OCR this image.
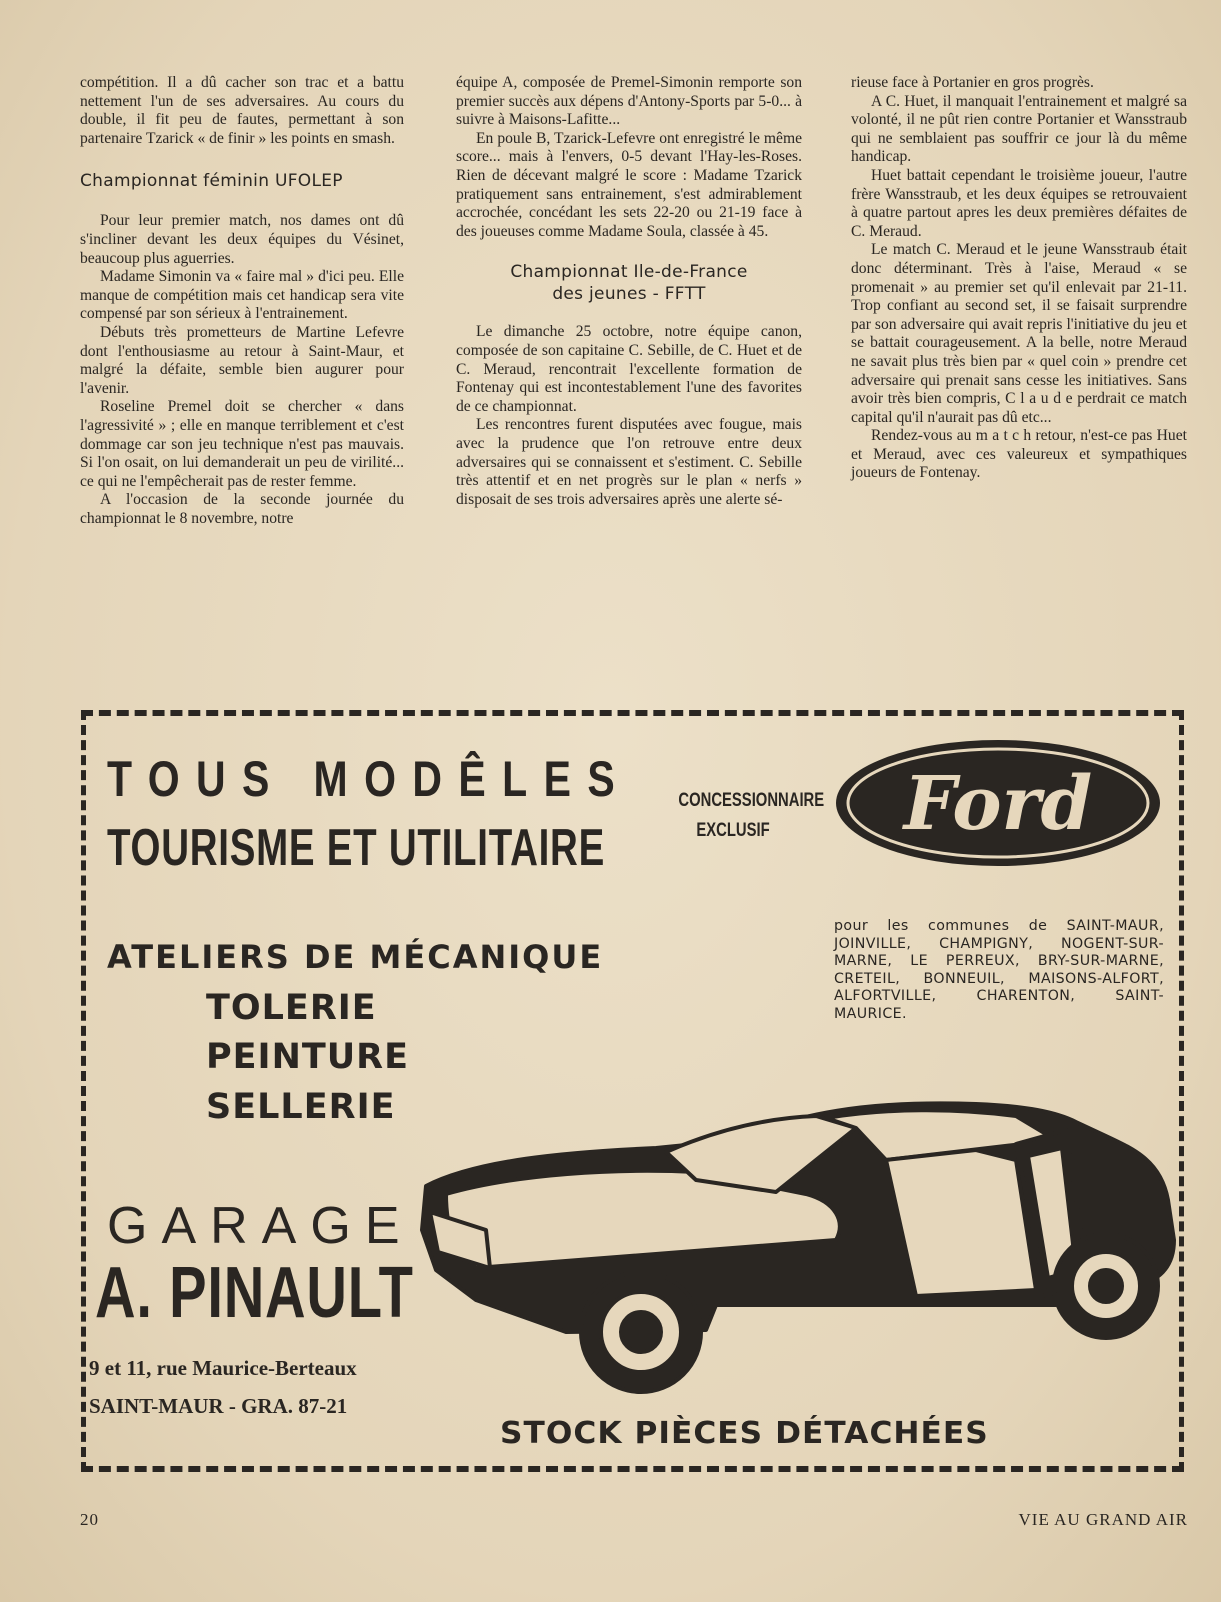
compétition. Il a dû cacher son trac et a battu nettement l'un de ses adversaires. Au cours du double, il fit peu de fautes, permettant à son partenaire Tzarick « de finir » les points en smash.

Championnat féminin UFOLEP

Pour leur premier match, nos dames ont dû s'incliner devant les deux équipes du Vésinet, beaucoup plus aguerries.

Madame Simonin va « faire mal » d'ici peu. Elle manque de compétition mais cet handicap sera vite compensé par son sérieux à l'entrainement.

Débuts très prometteurs de Martine Lefevre dont l'enthousiasme au retour à Saint-Maur, et malgré la défaite, semble bien augurer pour l'avenir.

Roseline Premel doit se chercher « dans l'agressivité » ; elle en manque terriblement et c'est dommage car son jeu technique n'est pas mauvais. Si l'on osait, on lui demanderait un peu de virilité... ce qui ne l'empêcherait pas de rester femme.

A l'occasion de la seconde journée du championnat le 8 novembre, notre

équipe A, composée de Premel-Simonin remporte son premier succès aux dépens d'Antony-Sports par 5-0... à suivre à Maisons-Lafitte...

En poule B, Tzarick-Lefevre ont enregistré le même score... mais à l'envers, 0-5 devant l'Hay-les-Roses. Rien de décevant malgré le score : Madame Tzarick pratiquement sans entrainement, s'est admirablement accrochée, concédant les sets 22-20 ou 21-19 face à des joueuses comme Madame Soula, classée à 45.

Championnat Ile-de-France
des jeunes - FFTT

Le dimanche 25 octobre, notre équipe canon, composée de son capitaine C. Sebille, de C. Huet et de C. Meraud, rencontrait l'excellente formation de Fontenay qui est incontestablement l'une des favorites de ce championnat.

Les rencontres furent disputées avec fougue, mais avec la prudence que l'on retrouve entre deux adversaires qui se connaissent et s'estiment. C. Sebille très attentif et en net progrès sur le plan « nerfs » disposait de ses trois adversaires après une alerte sé-

rieuse face à Portanier en gros progrès.

A C. Huet, il manquait l'entrainement et malgré sa volonté, il ne pût rien contre Portanier et Wansstraub qui ne semblaient pas souffrir ce jour là du même handicap.

Huet battait cependant le troisième joueur, l'autre frère Wansstraub, et les deux équipes se retrouvaient à quatre partout apres les deux premières défaites de C. Meraud.

Le match C. Meraud et le jeune Wansstraub était donc déterminant. Très à l'aise, Meraud « se promenait » au premier set qu'il enlevait par 21-11. Trop confiant au second set, il se faisait surprendre par son adversaire qui avait repris l'initiative du jeu et se battait courageusement. A la belle, notre Meraud ne savait plus très bien par « quel coin » prendre cet adversaire qui prenait sans cesse les initiatives. Sans avoir très bien compris, C l a u d e perdrait ce match capital qu'il n'aurait pas dû etc...

Rendez-vous au m a t c h retour, n'est-ce pas Huet et Meraud, avec ces valeureux et sympathiques joueurs de Fontenay.

TOUS MODÊLES
TOURISME ET UTILITAIRE
CONCESSIONNAIRE
EXCLUSIF Ford
pour les communes de SAINT-MAUR, JOINVILLE, CHAMPIGNY, NOGENT-SUR-MARNE, LE PERREUX, BRY-SUR-MARNE, CRETEIL, BONNEUIL, MAISONS-ALFORT, ALFORTVILLE, CHARENTON, SAINT-MAURICE.
ATELIERS DE MÉCANIQUE
TOLERIE
PEINTURE
SELLERIE
GARAGE
A. PINAULT
9 et 11, rue Maurice-Berteaux
SAINT-MAUR - GRA. 87-21
STOCK PIÈCES DÉTACHÉES
20	VIE AU GRAND AIR
